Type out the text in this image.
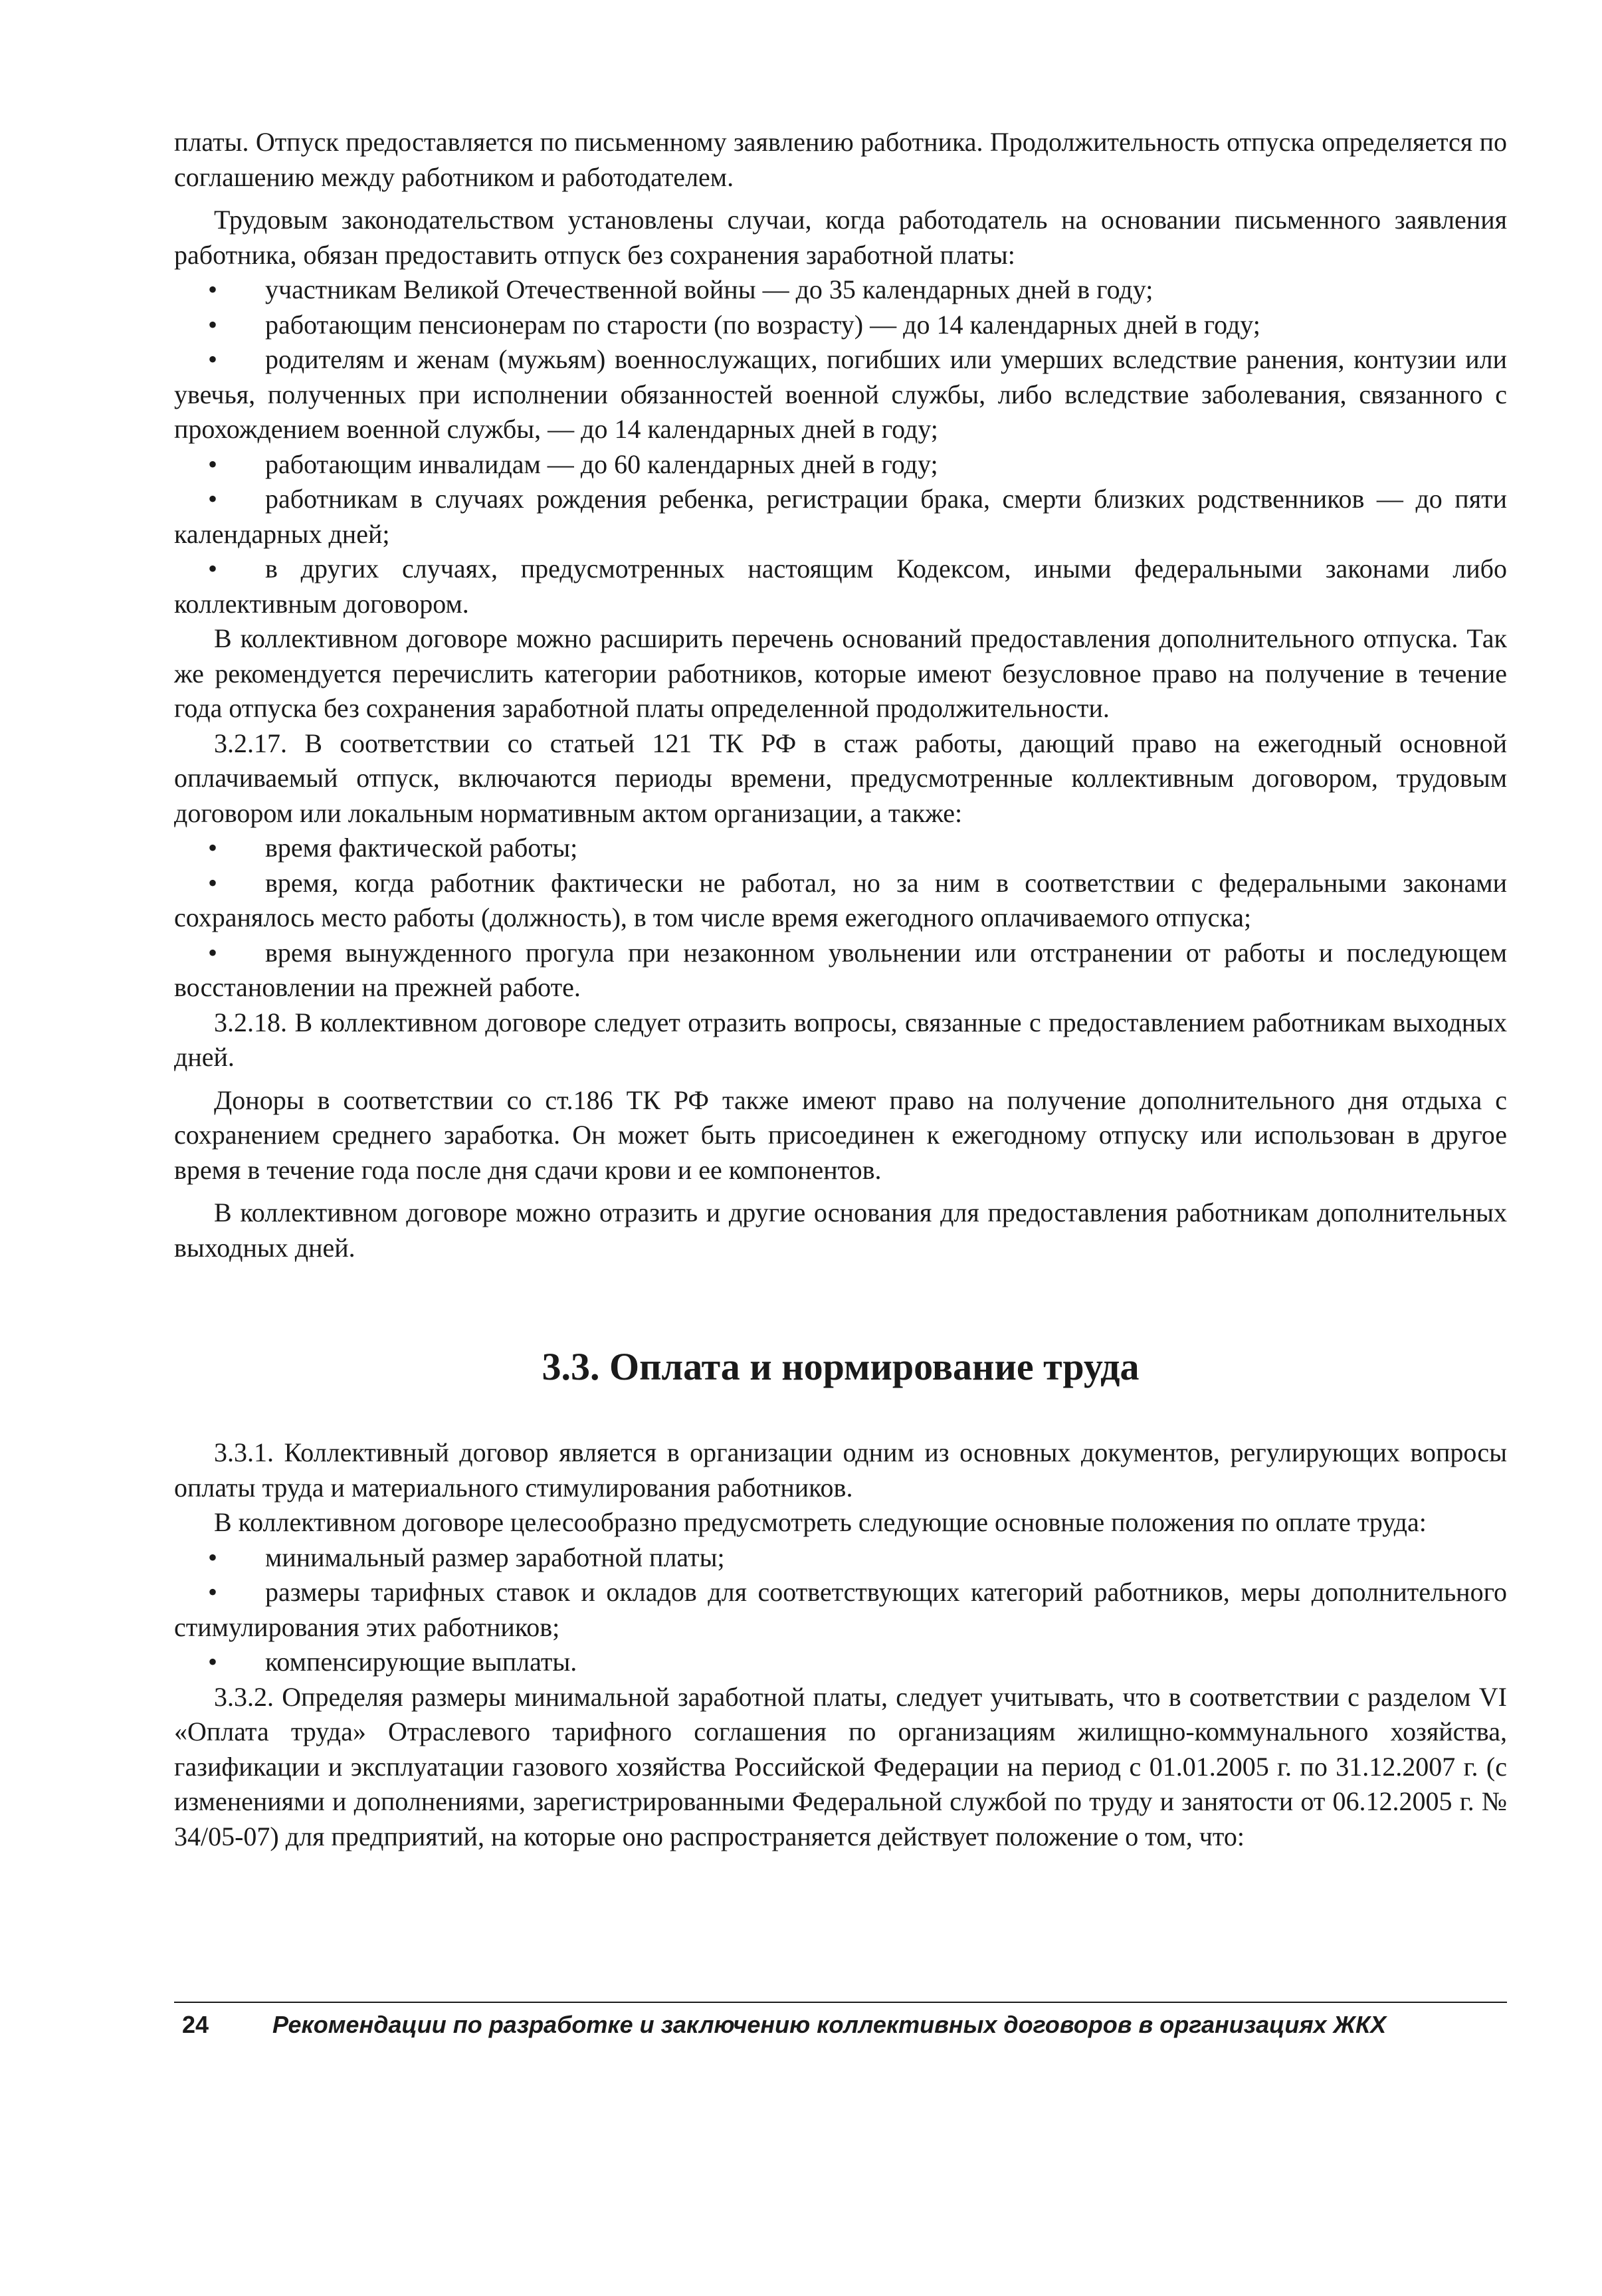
платы. Отпуск предоставляется по письменному заявлению работника. Продолжительность отпуска определяется по соглашению между работником и работодателем.

Трудовым законодательством установлены случаи, когда работодатель на основании письменного заявления работника, обязан предоставить отпуск без сохранения заработной платы:

• участникам Великой Отечественной войны — до 35 календарных дней в году;

• работающим пенсионерам по старости (по возрасту) — до 14 календарных дней в году;

• родителям и женам (мужьям) военнослужащих, погибших или умерших вследствие ранения, контузии или увечья, полученных при исполнении обязанностей военной службы, либо вследствие заболевания, связанного с прохождением военной службы, — до 14 календарных дней в году;

• работающим инвалидам — до 60 календарных дней в году;

• работникам в случаях рождения ребенка, регистрации брака, смерти близких родственников — до пяти календарных дней;

• в других случаях, предусмотренных настоящим Кодексом, иными федеральными законами либо коллективным договором.

В коллективном договоре можно расширить перечень оснований предоставления дополнительного отпуска. Так же рекомендуется перечислить категории работников, которые имеют безусловное право на получение в течение года отпуска без сохранения заработной платы определенной продолжительности.

3.2.17. В соответствии со статьей 121 ТК РФ в стаж работы, дающий право на ежегодный основной оплачиваемый отпуск, включаются периоды времени, предусмотренные коллективным договором, трудовым договором или локальным нормативным актом организации, а также:

• время фактической работы;

• время, когда работник фактически не работал, но за ним в соответствии с федеральными законами сохранялось место работы (должность), в том числе время ежегодного оплачиваемого отпуска;

• время вынужденного прогула при незаконном увольнении или отстранении от работы и последующем восстановлении на прежней работе.

3.2.18. В коллективном договоре следует отразить вопросы, связанные с предоставлением работникам выходных дней.

Доноры в соответствии со ст.186 ТК РФ также имеют право на получение дополнительного дня отдыха с сохранением среднего заработка. Он может быть присоединен к ежегодному отпуску или использован в другое время в течение года после дня сдачи крови и ее компонентов.

В коллективном договоре можно отразить и другие основания для предоставления работникам дополнительных выходных дней.

3.3. Оплата и нормирование труда

3.3.1. Коллективный договор является в организации одним из основных документов, регулирующих вопросы оплаты труда и материального стимулирования работников.

В коллективном договоре целесообразно предусмотреть следующие основные положения по оплате труда:

• минимальный размер заработной платы;

• размеры тарифных ставок и окладов для соответствующих категорий работников, меры дополнительного стимулирования этих работников;

• компенсирующие выплаты.

3.3.2. Определяя размеры минимальной заработной платы, следует учитывать, что в соответствии с разделом VI «Оплата труда» Отраслевого тарифного соглашения по организациям жилищно-коммунального хозяйства, газификации и эксплуатации газового хозяйства Российской Федерации на период с 01.01.2005 г. по 31.12.2007 г. (с изменениями и дополнениями, зарегистрированными Федеральной службой по труду и занятости от 06.12.2005 г. № 34/05-07) для предприятий, на которые оно распространяется действует положение о том, что:

24	Рекомендации по разработке и заключению коллективных договоров в организациях ЖКХ
